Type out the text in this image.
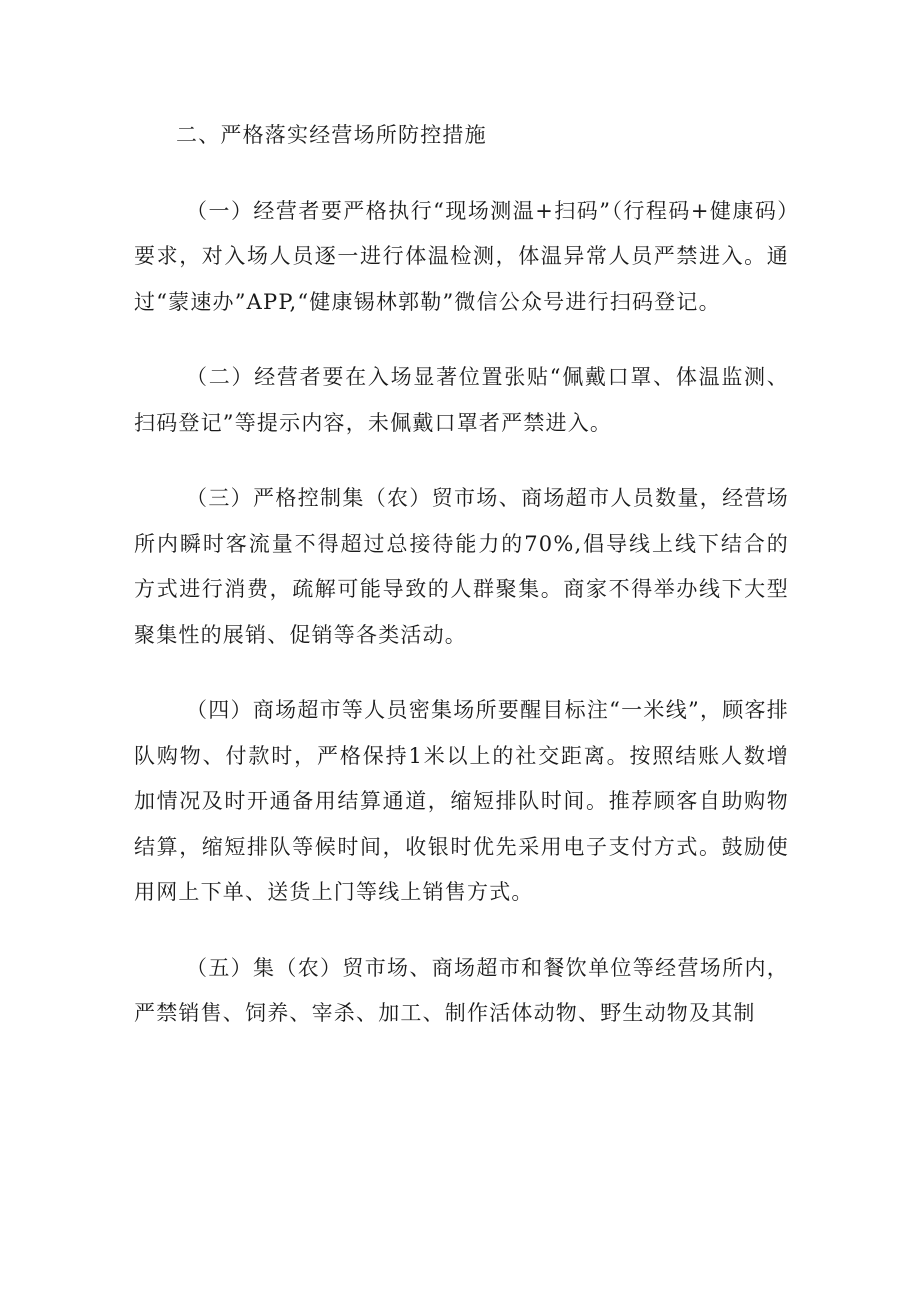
二、严格落实经营场所防控措施

（一）经营者要严格执行“现场测温+扫码”（行程码+健康码）要求，对入场人员逐一进行体温检测，体温异常人员严禁进入。通过“蒙速办”APP,“健康锡林郭勒”微信公众号进行扫码登记。

（二）经营者要在入场显著位置张贴“佩戴口罩、体温监测、扫码登记”等提示内容，未佩戴口罩者严禁进入。

（三）严格控制集（农）贸市场、商场超市人员数量，经营场所内瞬时客流量不得超过总接待能力的70%,倡导线上线下结合的方式进行消费，疏解可能导致的人群聚集。商家不得举办线下大型聚集性的展销、促销等各类活动。

（四）商场超市等人员密集场所要醒目标注“一米线”，顾客排队购物、付款时，严格保持1米以上的社交距离。按照结账人数增加情况及时开通备用结算通道，缩短排队时间。推荐顾客自助购物结算，缩短排队等候时间，收银时优先采用电子支付方式。鼓励使用网上下单、送货上门等线上销售方式。

（五）集（农）贸市场、商场超市和餐饮单位等经营场所内，严禁销售、饲养、宰杀、加工、制作活体动物、野生动物及其制
